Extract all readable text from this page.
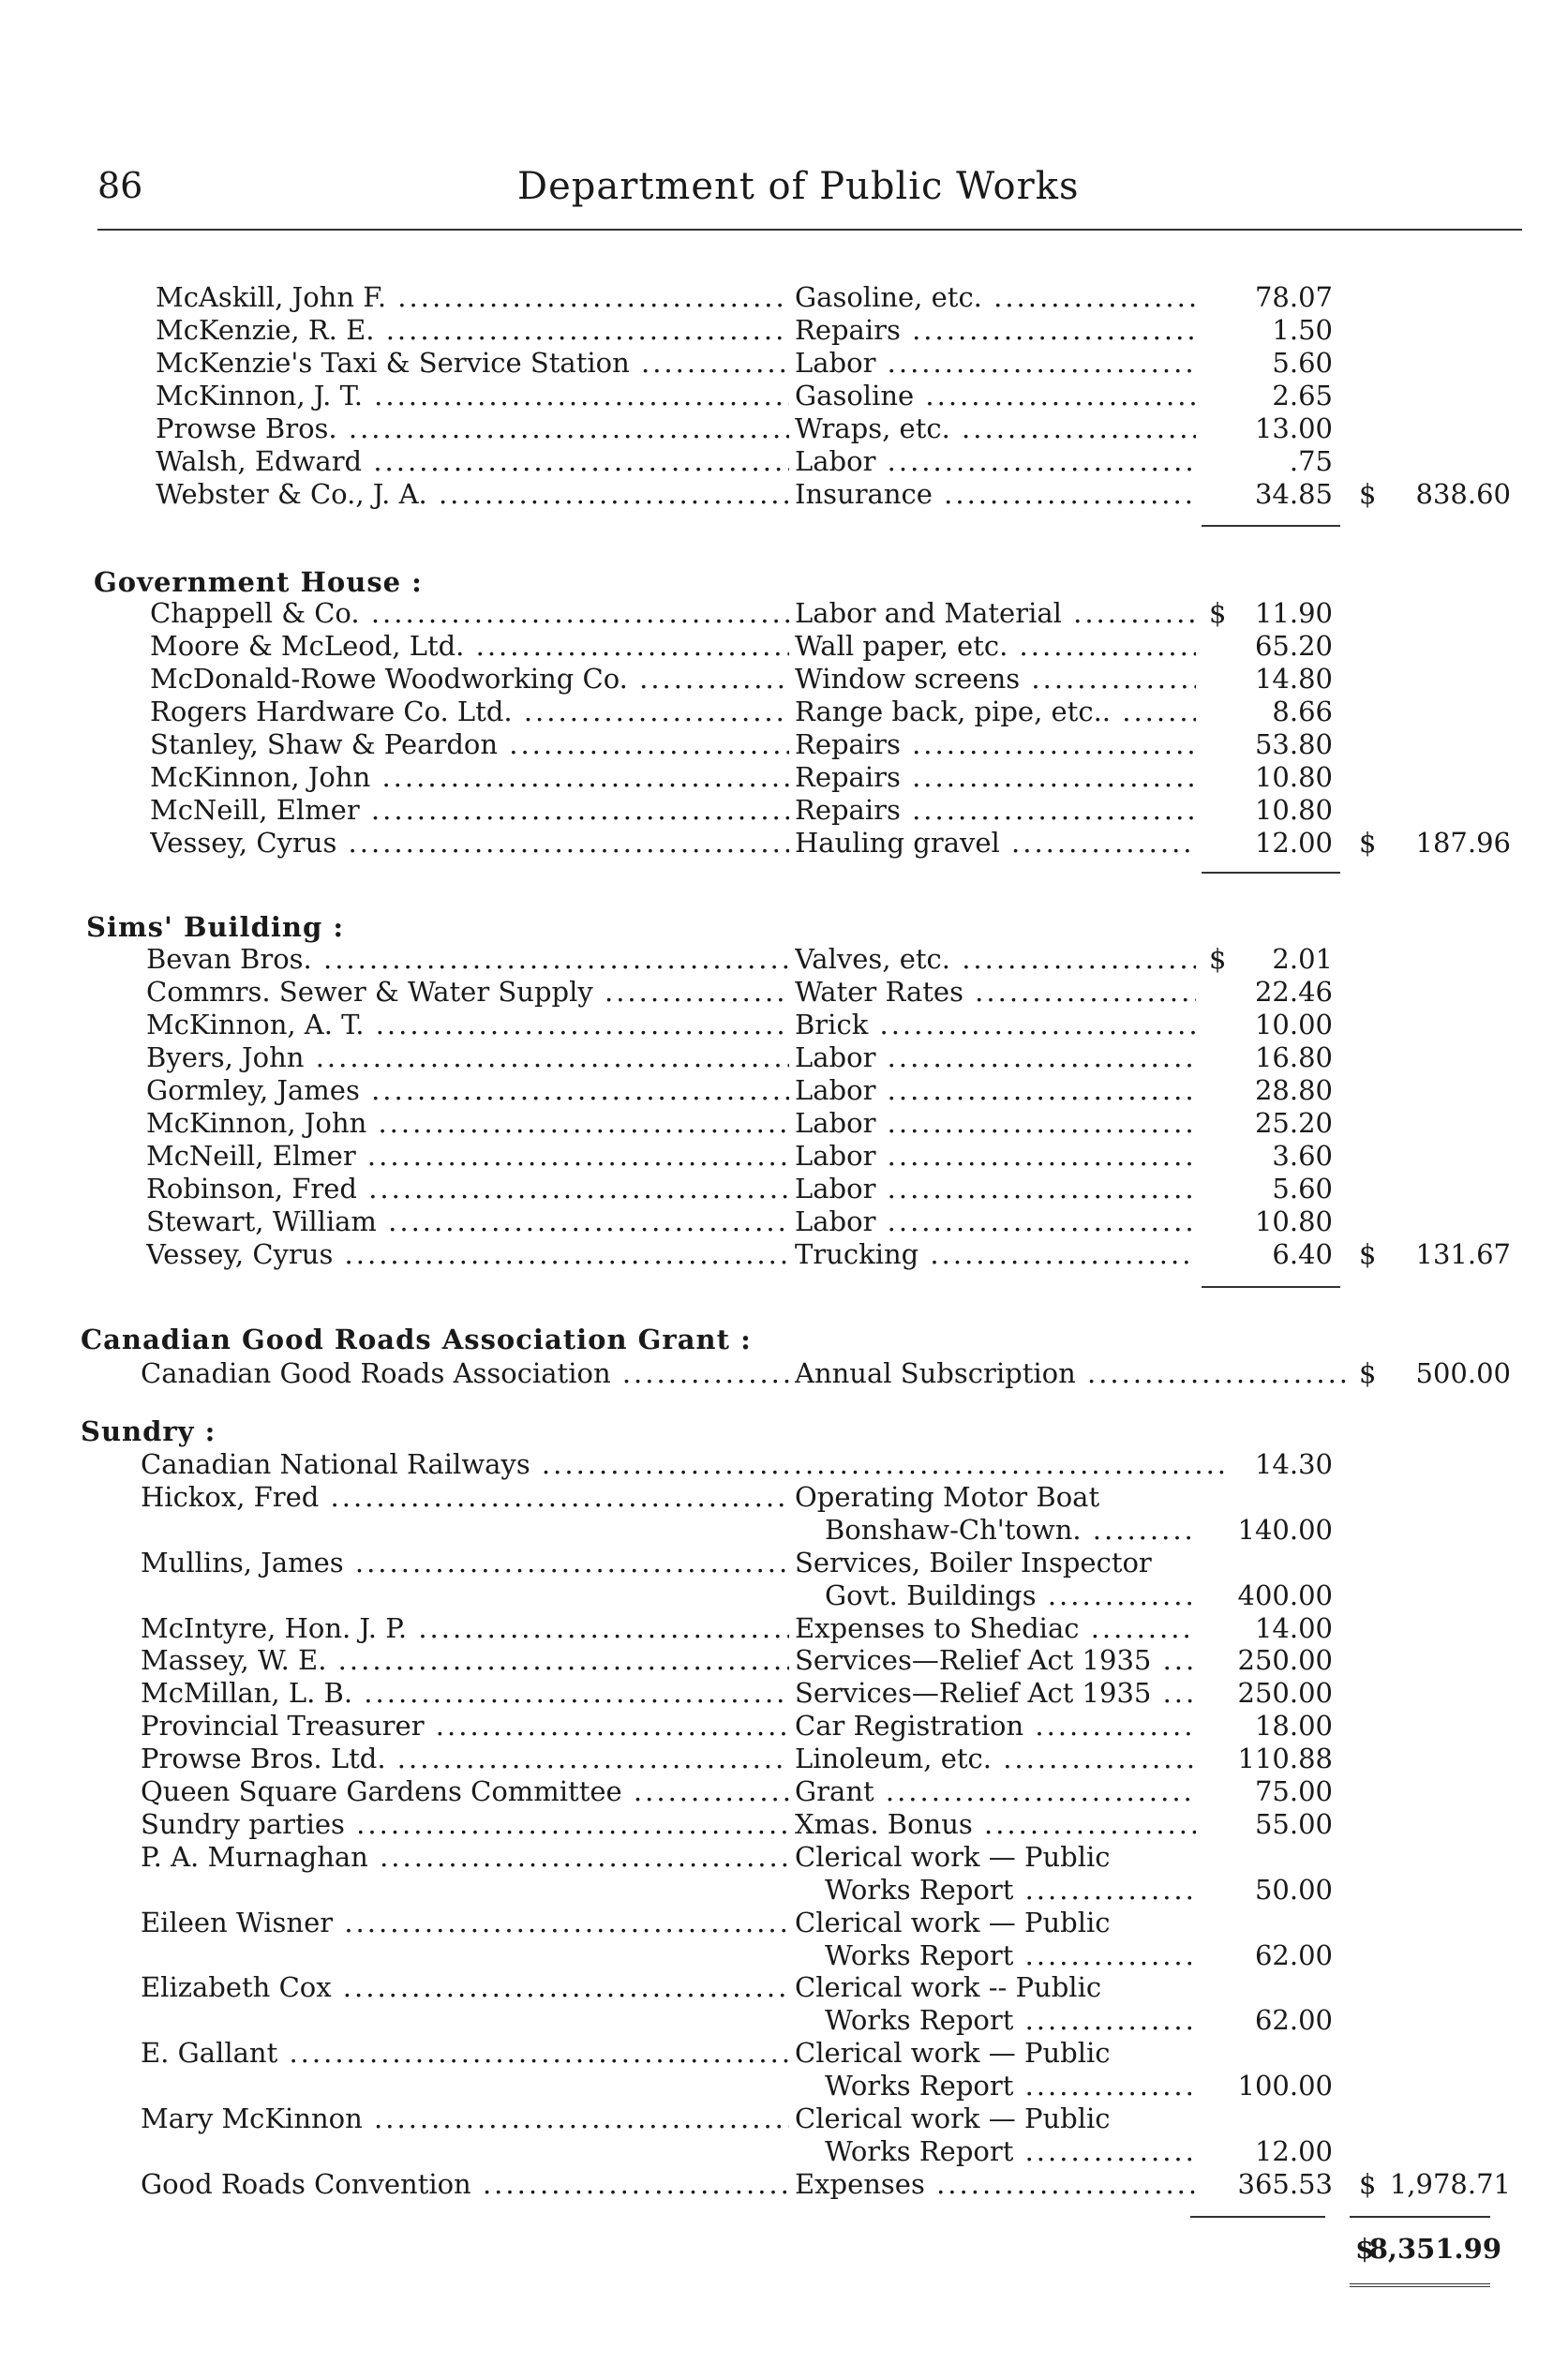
86	Department of Public Works
McAskill, John F. .....	Gasoline, etc. .....	78.07
McKenzie, R. E. .....	Repairs .....	1.50
McKenzie's Taxi & Service Station .....	Labor .....	5.60
McKinnon, J. T. .....	Gasoline .....	2.65
Prowse Bros. .....	Wraps, etc. .....	13.00
Walsh, Edward .....	Labor .....	.75
Webster & Co., J. A. .....	Insurance .....	34.85 $	838.60
Government House :
Chappell & Co. .....	Labor and Material .....	$	11.90
Moore & McLeod, Ltd. .....	Wall paper, etc. .....	65.20
McDonald-Rowe Woodworking Co. .....	Window screens .....	14.80
Rogers Hardware Co. Ltd. .....	Range back, pipe, etc.. .....	8.66
Stanley, Shaw & Peardon .....	Repairs .....	53.80
McKinnon, John .....	Repairs .....	10.80
McNeill, Elmer .....	Repairs .....	10.80
Vessey, Cyrus .....	Hauling gravel .....	12.00 $	187.96
Sims' Building :
Bevan Bros. .....	Valves, etc. .....	$	2.01
Commrs. Sewer & Water Supply .....	Water Rates .....	22.46
McKinnon, A. T. .....	Brick .....	10.00
Byers, John .....	Labor .....	16.80
Gormley, James .....	Labor .....	28.80
McKinnon, John .....	Labor .....	25.20
McNeill, Elmer .....	Labor .....	3.60
Robinson, Fred .....	Labor .....	5.60
Stewart, William .....	Labor .....	10.80
Vessey, Cyrus .....	Trucking .....	6.40 $	131.67
Canadian Good Roads Association Grant :
Canadian Good Roads Association .....	Annual Subscription .....	$	500.00
Sundry :
Canadian National Railways .....	14.30
Hickox, Fred .....	Operating Motor Boat
Bonshaw-Ch'town. .....	140.00
Mullins, James .....	Services, Boiler Inspector
Govt. Buildings .....	400.00
McIntyre, Hon. J. P. .....	Expenses to Shediac .....	14.00
Massey, W. E. .....	Services—Relief Act 1935 .....	250.00
McMillan, L. B. .....	Services—Relief Act 1935 .....	250.00
Provincial Treasurer .....	Car Registration .....	18.00
Prowse Bros. Ltd. .....	Linoleum, etc. .....	110.88
Queen Square Gardens Committee .....	Grant .....	75.00
Sundry parties .....	Xmas. Bonus .....	55.00
P. A. Murnaghan .....	Clerical work — Public
Works Report .....	50.00
Eileen Wisner .....	Clerical work — Public
Works Report .....	62.00
Elizabeth Cox .....	Clerical work -- Public
Works Report .....	62.00
E. Gallant .....	Clerical work — Public
Works Report .....	100.00
Mary McKinnon .....	Clerical work — Public
Works Report .....	12.00
Good Roads Convention .....	Expenses .....	365.53 $ 1,978.71
$
8,351.99
